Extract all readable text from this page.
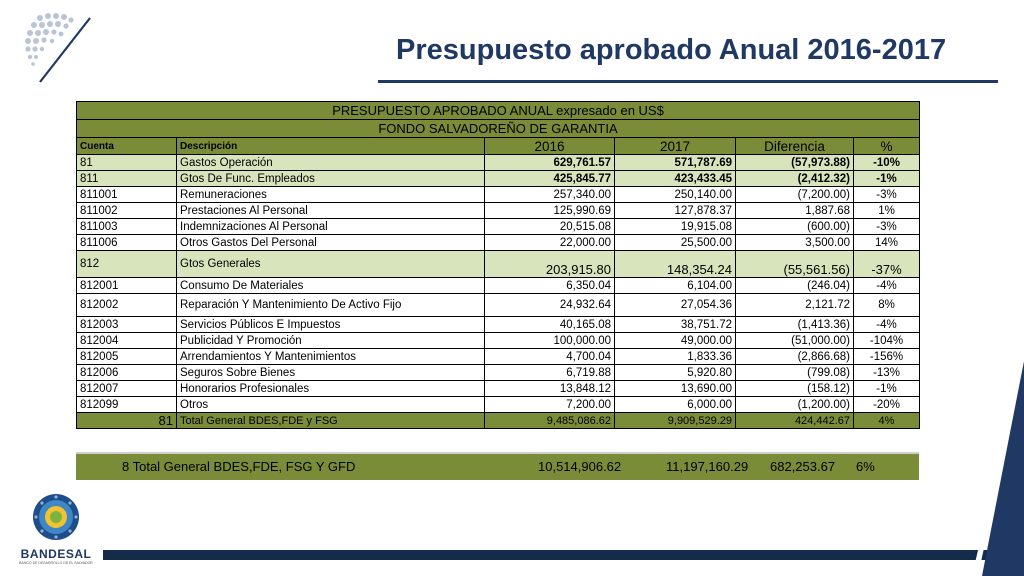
Presupuesto aprobado Anual 2016-2017
PRESUPUESTO APROBADO ANUAL expresado en US$					
FONDO SALVADOREÑO DE GARANTIA					
Cuenta	Descripción	2016	2017	Diferencia	%
81	Gastos Operación	629,761.57	571,787.69	(57,973.88)	-10%
811	Gtos De Func. Empleados	425,845.77	423,433.45	(2,412.32)	-1%
811001	Remuneraciones	257,340.00	250,140.00	(7,200.00)	-3%
811002	Prestaciones Al Personal	125,990.69	127,878.37	1,887.68	1%
811003	Indemnizaciones Al Personal	20,515.08	19,915.08	(600.00)	-3%
811006	Otros Gastos Del Personal	22,000.00	25,500.00	3,500.00	14%
812	Gtos Generales	203,915.80	148,354.24	(55,561.56)	-37%
812001	Consumo De Materiales	6,350.04	6,104.00	(246.04)	-4%
812002	Reparación Y Mantenimiento De Activo Fijo	24,932.64	27,054.36	2,121.72	8%
812003	Servicios Públicos E Impuestos	40,165.08	38,751.72	(1,413.36)	-4%
812004	Publicidad Y Promoción	100,000.00	49,000.00	(51,000.00)	-104%
812005	Arrendamientos Y Mantenimientos	4,700.04	1,833.36	(2,866.68)	-156%
812006	Seguros Sobre Bienes	6,719.88	5,920.80	(799.08)	-13%
812007	Honorarios Profesionales	13,848.12	13,690.00	(158.12)	-1%
812099	Otros	7,200.00	6,000.00	(1,200.00)	-20%
81	Total General BDES,FDE y FSG	9,485,086.62	9,909,529.29	424,442.67	4%
8 Total General BDES,FDE, FSG Y GFD	10,514,906.62	11,197,160.29 682,253.67 6%
BANDESAL
BANCO DE DESARROLLO DE EL SALVADOR
